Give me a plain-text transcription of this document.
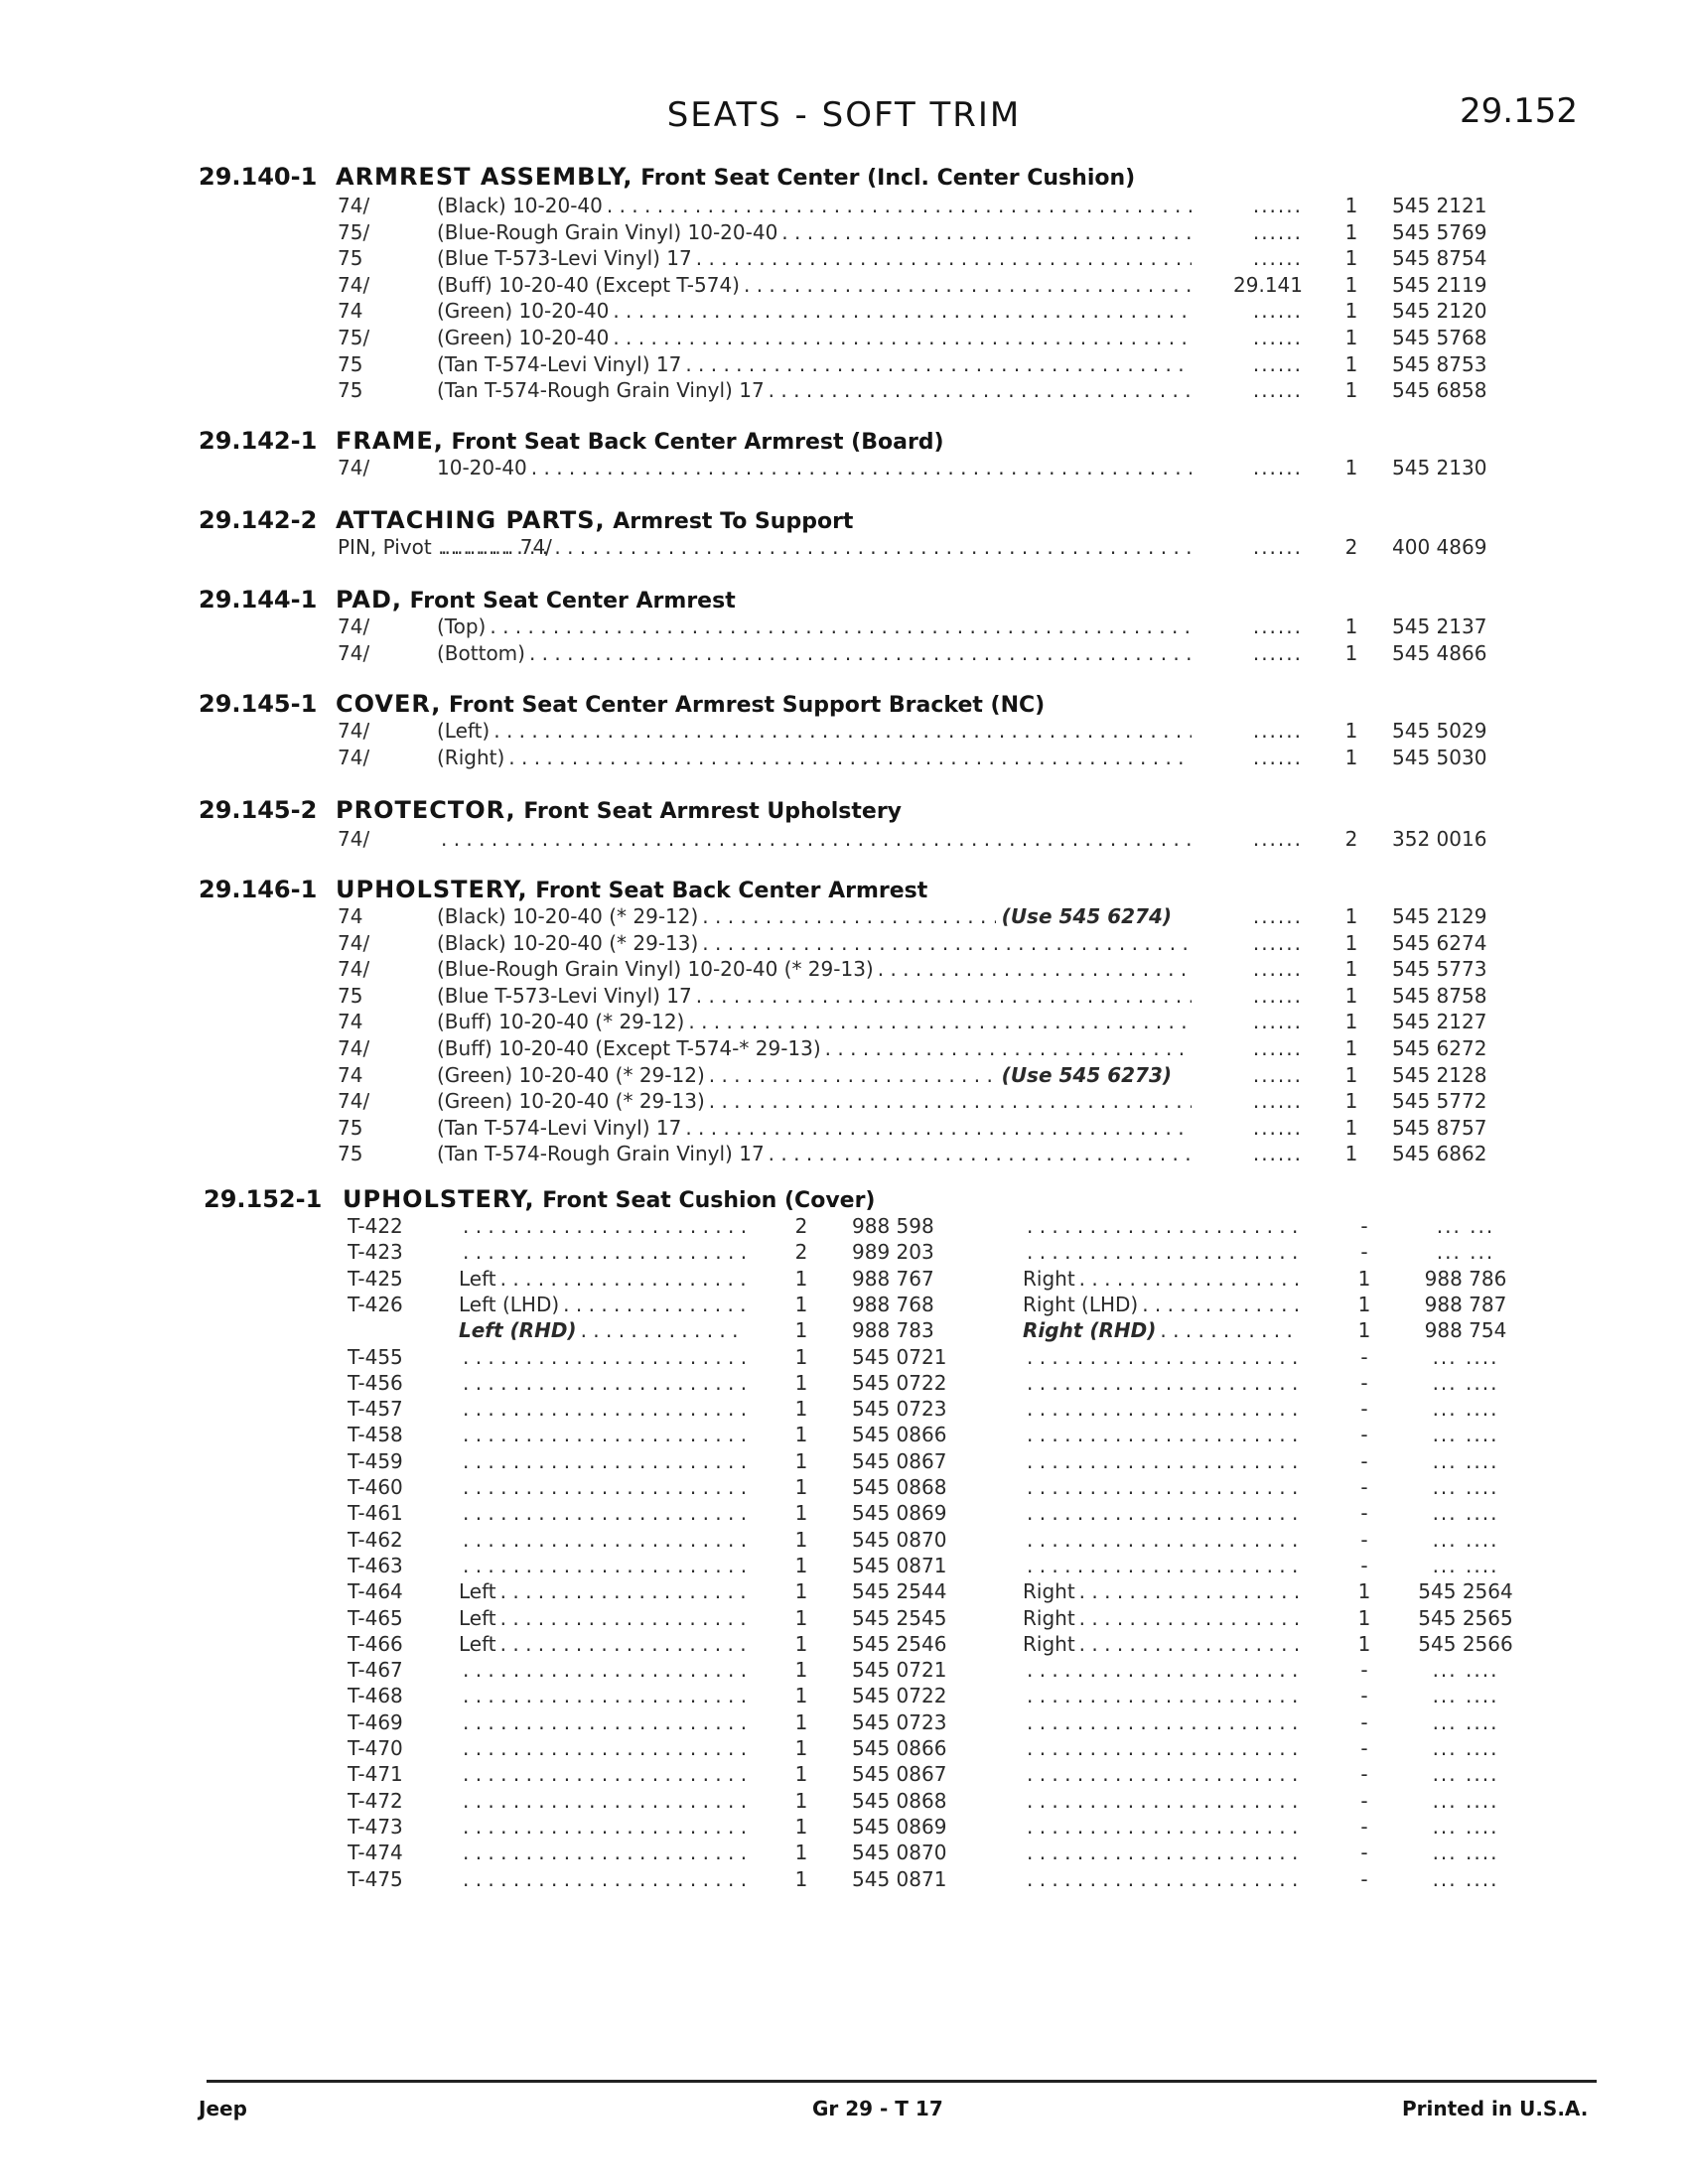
SEATS - SOFT TRIM	29.152
29.140-1 ARMREST ASSEMBLY, Front Seat Center (Incl. Center Cushion)
74/	(Black) 10-20-40 . . .	......	1	545 2121
75/	(Blue-Rough Grain Vinyl) 10-20-40 . . .	......	1	545 5769
75	(Blue T-573-Levi Vinyl) 17 . . .	......	1	545 8754
74/	(Buff) 10-20-40 (Except T-574) . . .	29.141	1	545 2119
74	(Green) 10-20-40 . . .	......	1	545 2120
75/	(Green) 10-20-40 . . .	......	1	545 5768
75	(Tan T-574-Levi Vinyl) 17 . . .	......	1	545 8753
75	(Tan T-574-Rough Grain Vinyl) 17 . . .	......	1	545 6858
29.142-1 FRAME, Front Seat Back Center Armrest (Board)
74/	10-20-40 . . .	......	1	545 2130
29.142-2 ATTACHING PARTS, Armrest To Support
PIN, Pivot ............ 74/ . . .	......	2	400 4869
29.144-1 PAD, Front Seat Center Armrest
74/	(Top) . . .	......	1	545 2137
74/	(Bottom) . . .	......	1	545 4866
29.145-1 COVER, Front Seat Center Armrest Support Bracket (NC)
74/	(Left) . . .	......	1	545 5029
74/	(Right) . . .	......	1	545 5030
29.145-2 PROTECTOR, Front Seat Armrest Upholstery
74/ . . .	......	2	352 0016
29.146-1 UPHOLSTERY, Front Seat Back Center Armrest
74	(Black) 10-20-40 (* 29-12) . . .	(Use 545 6274)	......	1	545 2129
74/	(Black) 10-20-40 (* 29-13) . . .	......	1	545 6274
74/	(Blue-Rough Grain Vinyl) 10-20-40 (* 29-13) . . .	......	1	545 5773
75	(Blue T-573-Levi Vinyl) 17 . . .	......	1	545 8758
74	(Buff) 10-20-40 (* 29-12) . . .	......	1	545 2127
74/	(Buff) 10-20-40 (Except T-574-* 29-13) . . .	......	1	545 6272
74	(Green) 10-20-40 (* 29-12) . . .	(Use 545 6273)	......	1	545 2128
74/	(Green) 10-20-40 (* 29-13) . . .	......	1	545 5772
75	(Tan T-574-Levi Vinyl) 17 . . .	......	1	545 8757
75	(Tan T-574-Rough Grain Vinyl) 17 . . .	......	1	545 6862
29.152-1 UPHOLSTERY, Front Seat Cushion (Cover)
T-422 . . .	2 988 598 . . .	-	... ...
T-423 . . .	2 989 203 . . .	-	... ...
T-425	Left . . .	1 988 767	Right . . .	1	988 786
T-426	Left (LHD) . . .	1 988 768	Right (LHD) . . .	1	988 787
Left (RHD) . . .	1 988 783	Right (RHD) . . .	1	988 754
T-455 . . .	1 545 0721 . . .	-	... ....
T-456 . . .	1 545 0722 . . .	-	... ....
T-457 . . .	1 545 0723 . . .	-	... ....
T-458 . . .	1 545 0866 . . .	-	... ....
T-459 . . .	1 545 0867 . . .	-	... ....
T-460 . . .	1 545 0868 . . .	-	... ....
T-461 . . .	1 545 0869 . . .	-	... ....
T-462 . . .	1 545 0870 . . .	-	... ....
T-463 . . .	1 545 0871 . . .	-	... ....
T-464	Left . . .	1 545 2544	Right . . .	1 545 2564
T-465	Left . . .	1 545 2545	Right . . .	1 545 2565
T-466	Left . . .	1 545 2546	Right . . .	1 545 2566
T-467 . . .	1 545 0721 . . .	-	... ....
T-468 . . .	1 545 0722 . . .	-	... ....
T-469 . . .	1 545 0723 . . .	-	... ....
T-470 . . .	1 545 0866 . . .	-	... ....
T-471 . . .	1 545 0867 . . .	-	... ....
T-472 . . .	1 545 0868 . . .	-	... ....
T-473 . . .	1 545 0869 . . .	-	... ....
T-474 . . .	1 545 0870 . . .	-	... ....
T-475 . . .	1 545 0871 . . .	-	... ....
Jeep	Gr 29 - T 17	Printed in U.S.A.
